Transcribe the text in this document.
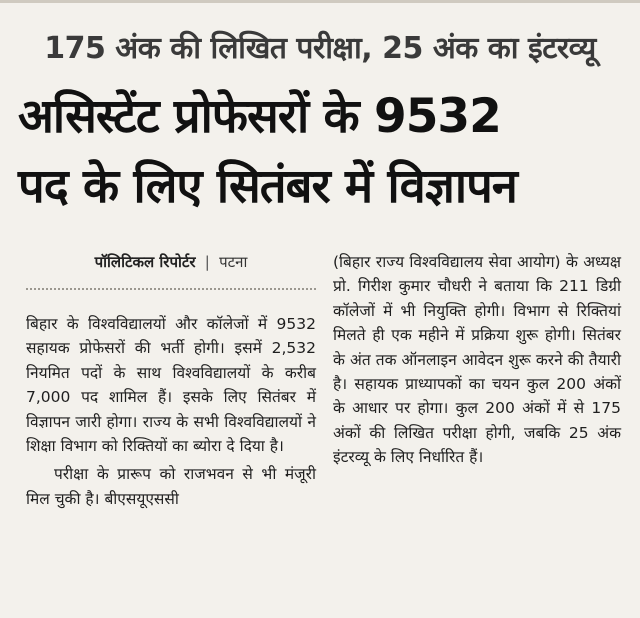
175 अंक की लिखित परीक्षा, 25 अंक का इंटरव्यू
असिस्टेंट प्रोफेसरों के 9532
पद के लिए सितंबर में विज्ञापन
पॉलिटिकल रिपोर्टर | पटना

बिहार के विश्वविद्यालयों और कॉलेजों में 9532 सहायक प्रोफेसरों की भर्ती होगी। इसमें 2,532 नियमित पदों के साथ विश्वविद्यालयों के करीब 7,000 पद शामिल हैं। इसके लिए सितंबर में विज्ञापन जारी होगा। राज्य के सभी विश्वविद्यालयों ने शिक्षा विभाग को रिक्तियों का ब्योरा दे दिया है।

परीक्षा के प्रारूप को राजभवन से भी मंजूरी मिल चुकी है। बीएसयूएससी

(बिहार राज्य विश्वविद्यालय सेवा आयोग) के अध्यक्ष प्रो. गिरीश कुमार चौधरी ने बताया कि 211 डिग्री कॉलेजों में भी नियुक्ति होगी। विभाग से रिक्तियां मिलते ही एक महीने में प्रक्रिया शुरू होगी। सितंबर के अंत तक ऑनलाइन आवेदन शुरू करने की तैयारी है। सहायक प्राध्यापकों का चयन कुल 200 अंकों के आधार पर होगा। कुल 200 अंकों में से 175 अंकों की लिखित परीक्षा होगी, जबकि 25 अंक इंटरव्यू के लिए निर्धारित हैं।
